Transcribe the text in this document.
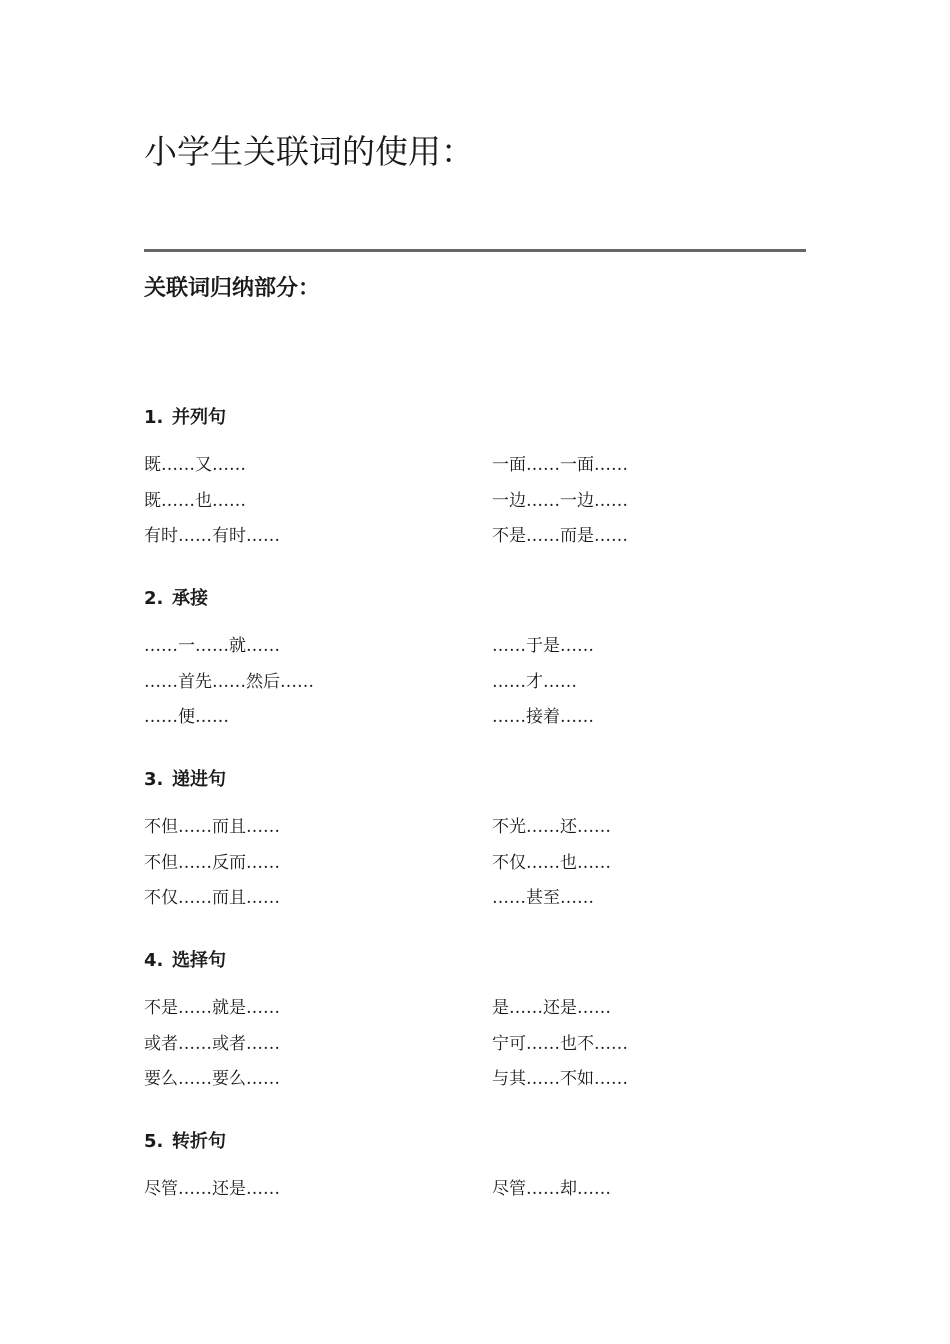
小学生关联词的使用：
关联词归纳部分：
1. 并列句
既……又……	一面……一面……
既……也……	一边……一边……
有时……有时……	不是……而是……
2. 承接
……一……就……	……于是……
……首先……然后……	……才……
……便……	……接着……
3. 递进句
不但……而且……	不光……还……
不但……反而……	不仅……也……
不仅……而且……	……甚至……
4. 选择句
不是……就是……	是……还是……
或者……或者……	宁可……也不……
要么……要么……	与其……不如……
5. 转折句
尽管……还是……	尽管……却……
